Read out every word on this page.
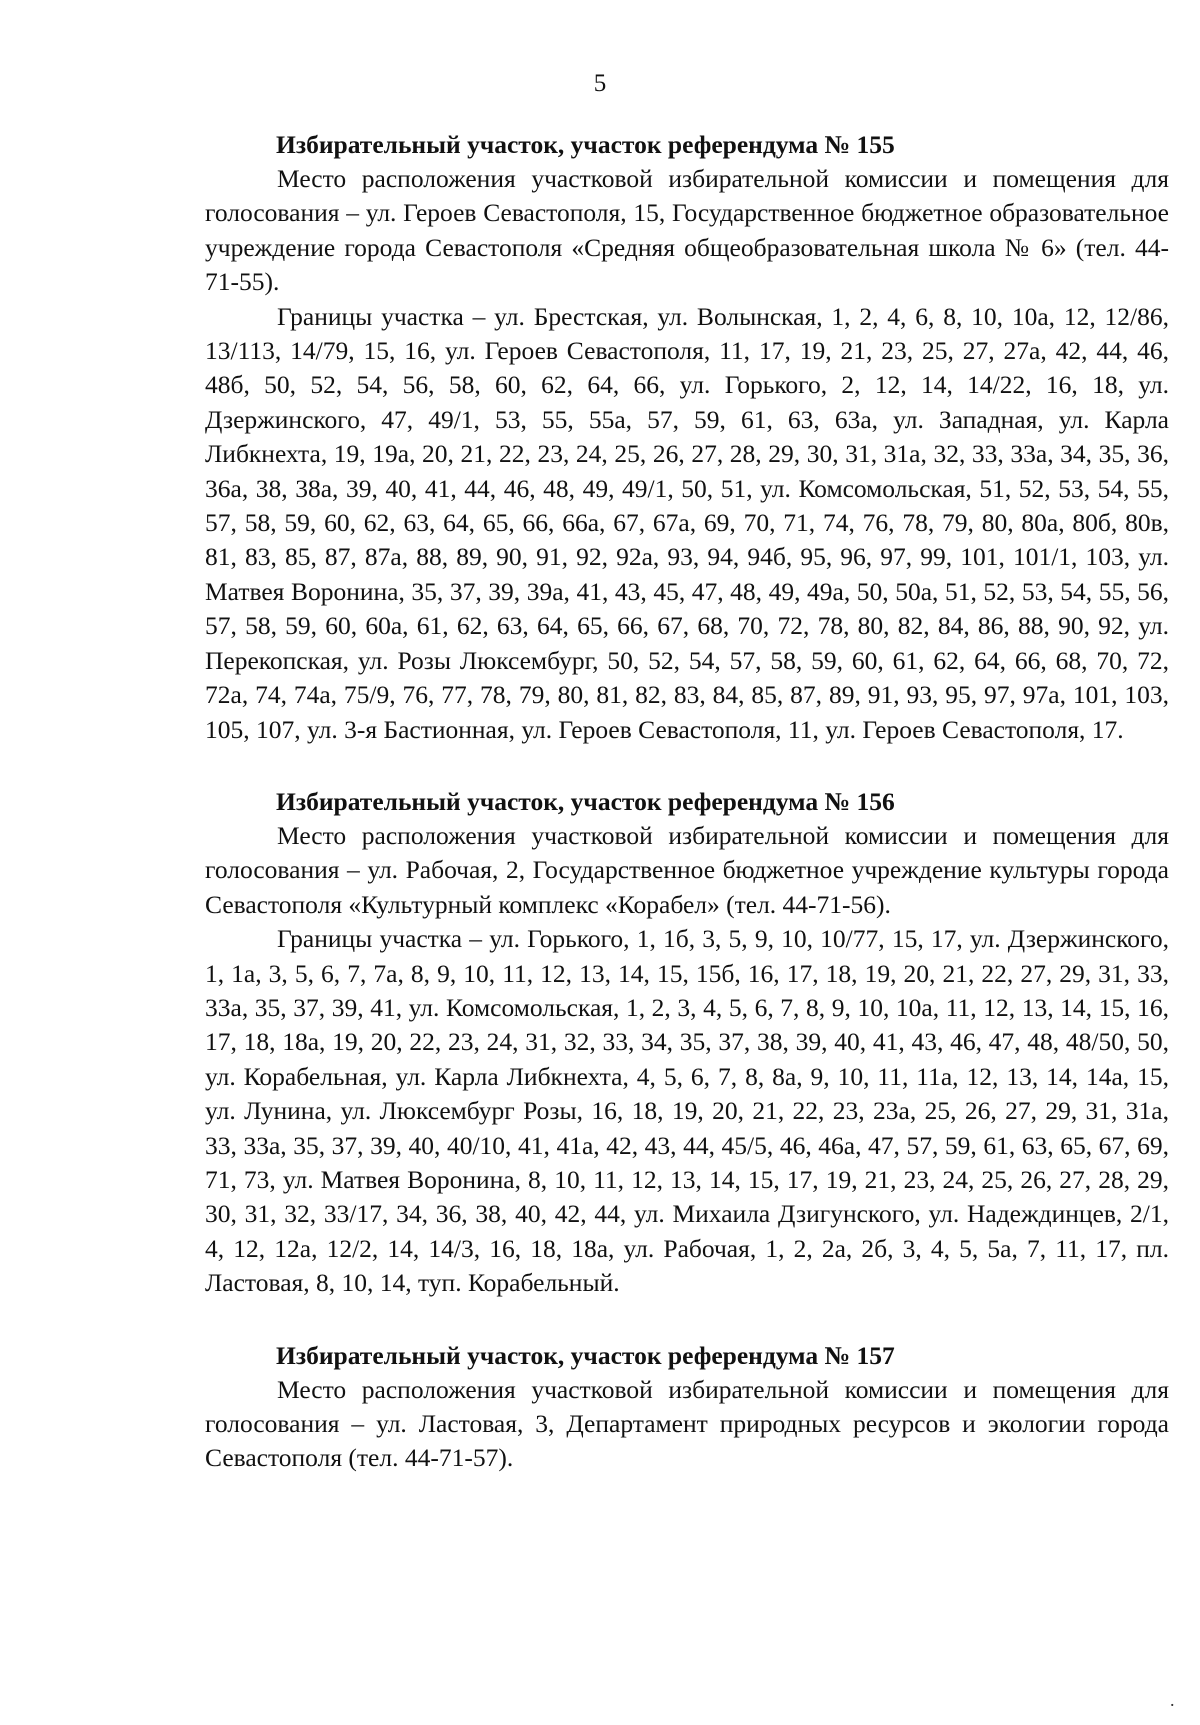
5

Избирательный участок, участок референдума № 155

Место расположения участковой избирательной комиссии и помещения для голосования – ул. Героев Севастополя, 15, Государственное бюджетное образовательное учреждение города Севастополя «Средняя общеобразовательная школа № 6» (тел. 44-71-55).

Границы участка – ул. Брестская, ул. Волынская, 1, 2, 4, 6, 8, 10, 10а, 12, 12/86, 13/113, 14/79, 15, 16, ул. Героев Севастополя, 11, 17, 19, 21, 23, 25, 27, 27а, 42, 44, 46, 48б, 50, 52, 54, 56, 58, 60, 62, 64, 66, ул. Горького, 2, 12, 14, 14/22, 16, 18, ул. Дзержинского, 47, 49/1, 53, 55, 55а, 57, 59, 61, 63, 63а, ул. Западная, ул. Карла Либкнехта, 19, 19а, 20, 21, 22, 23, 24, 25, 26, 27, 28, 29, 30, 31, 31а, 32, 33, 33а, 34, 35, 36, 36а, 38, 38а, 39, 40, 41, 44, 46, 48, 49, 49/1, 50, 51, ул. Комсомольская, 51, 52, 53, 54, 55, 57, 58, 59, 60, 62, 63, 64, 65, 66, 66а, 67, 67а, 69, 70, 71, 74, 76, 78, 79, 80, 80а, 80б, 80в, 81, 83, 85, 87, 87а, 88, 89, 90, 91, 92, 92а, 93, 94, 94б, 95, 96, 97, 99, 101, 101/1, 103, ул. Матвея Воронина, 35, 37, 39, 39а, 41, 43, 45, 47, 48, 49, 49а, 50, 50а, 51, 52, 53, 54, 55, 56, 57, 58, 59, 60, 60а, 61, 62, 63, 64, 65, 66, 67, 68, 70, 72, 78, 80, 82, 84, 86, 88, 90, 92, ул. Перекопская, ул. Розы Люксембург, 50, 52, 54, 57, 58, 59, 60, 61, 62, 64, 66, 68, 70, 72, 72а, 74, 74а, 75/9, 76, 77, 78, 79, 80, 81, 82, 83, 84, 85, 87, 89, 91, 93, 95, 97, 97а, 101, 103, 105, 107, ул. 3-я Бастионная, ул. Героев Севастополя, 11, ул. Героев Севастополя, 17.

Избирательный участок, участок референдума № 156

Место расположения участковой избирательной комиссии и помещения для голосования – ул. Рабочая, 2, Государственное бюджетное учреждение культуры города Севастополя «Культурный комплекс «Корабел» (тел. 44-71-56).

Границы участка – ул. Горького, 1, 1б, 3, 5, 9, 10, 10/77, 15, 17, ул. Дзержинского, 1, 1а, 3, 5, 6, 7, 7а, 8, 9, 10, 11, 12, 13, 14, 15, 15б, 16, 17, 18, 19, 20, 21, 22, 27, 29, 31, 33, 33а, 35, 37, 39, 41, ул. Комсомольская, 1, 2, 3, 4, 5, 6, 7, 8, 9, 10, 10а, 11, 12, 13, 14, 15, 16, 17, 18, 18а, 19, 20, 22, 23, 24, 31, 32, 33, 34, 35, 37, 38, 39, 40, 41, 43, 46, 47, 48, 48/50, 50, ул. Корабельная, ул. Карла Либкнехта, 4, 5, 6, 7, 8, 8а, 9, 10, 11, 11а, 12, 13, 14, 14а, 15, ул. Лунина, ул. Люксембург Розы, 16, 18, 19, 20, 21, 22, 23, 23а, 25, 26, 27, 29, 31, 31а, 33, 33а, 35, 37, 39, 40, 40/10, 41, 41а, 42, 43, 44, 45/5, 46, 46а, 47, 57, 59, 61, 63, 65, 67, 69, 71, 73, ул. Матвея Воронина, 8, 10, 11, 12, 13, 14, 15, 17, 19, 21, 23, 24, 25, 26, 27, 28, 29, 30, 31, 32, 33/17, 34, 36, 38, 40, 42, 44, ул. Михаила Дзигунского, ул. Надеждинцев, 2/1, 4, 12, 12а, 12/2, 14, 14/3, 16, 18, 18а, ул. Рабочая, 1, 2, 2а, 2б, 3, 4, 5, 5а, 7, 11, 17, пл. Ластовая, 8, 10, 14, туп. Корабельный.

Избирательный участок, участок референдума № 157

Место расположения участковой избирательной комиссии и помещения для голосования – ул. Ластовая, 3, Департамент природных ресурсов и экологии города Севастополя (тел. 44-71-57).

.
